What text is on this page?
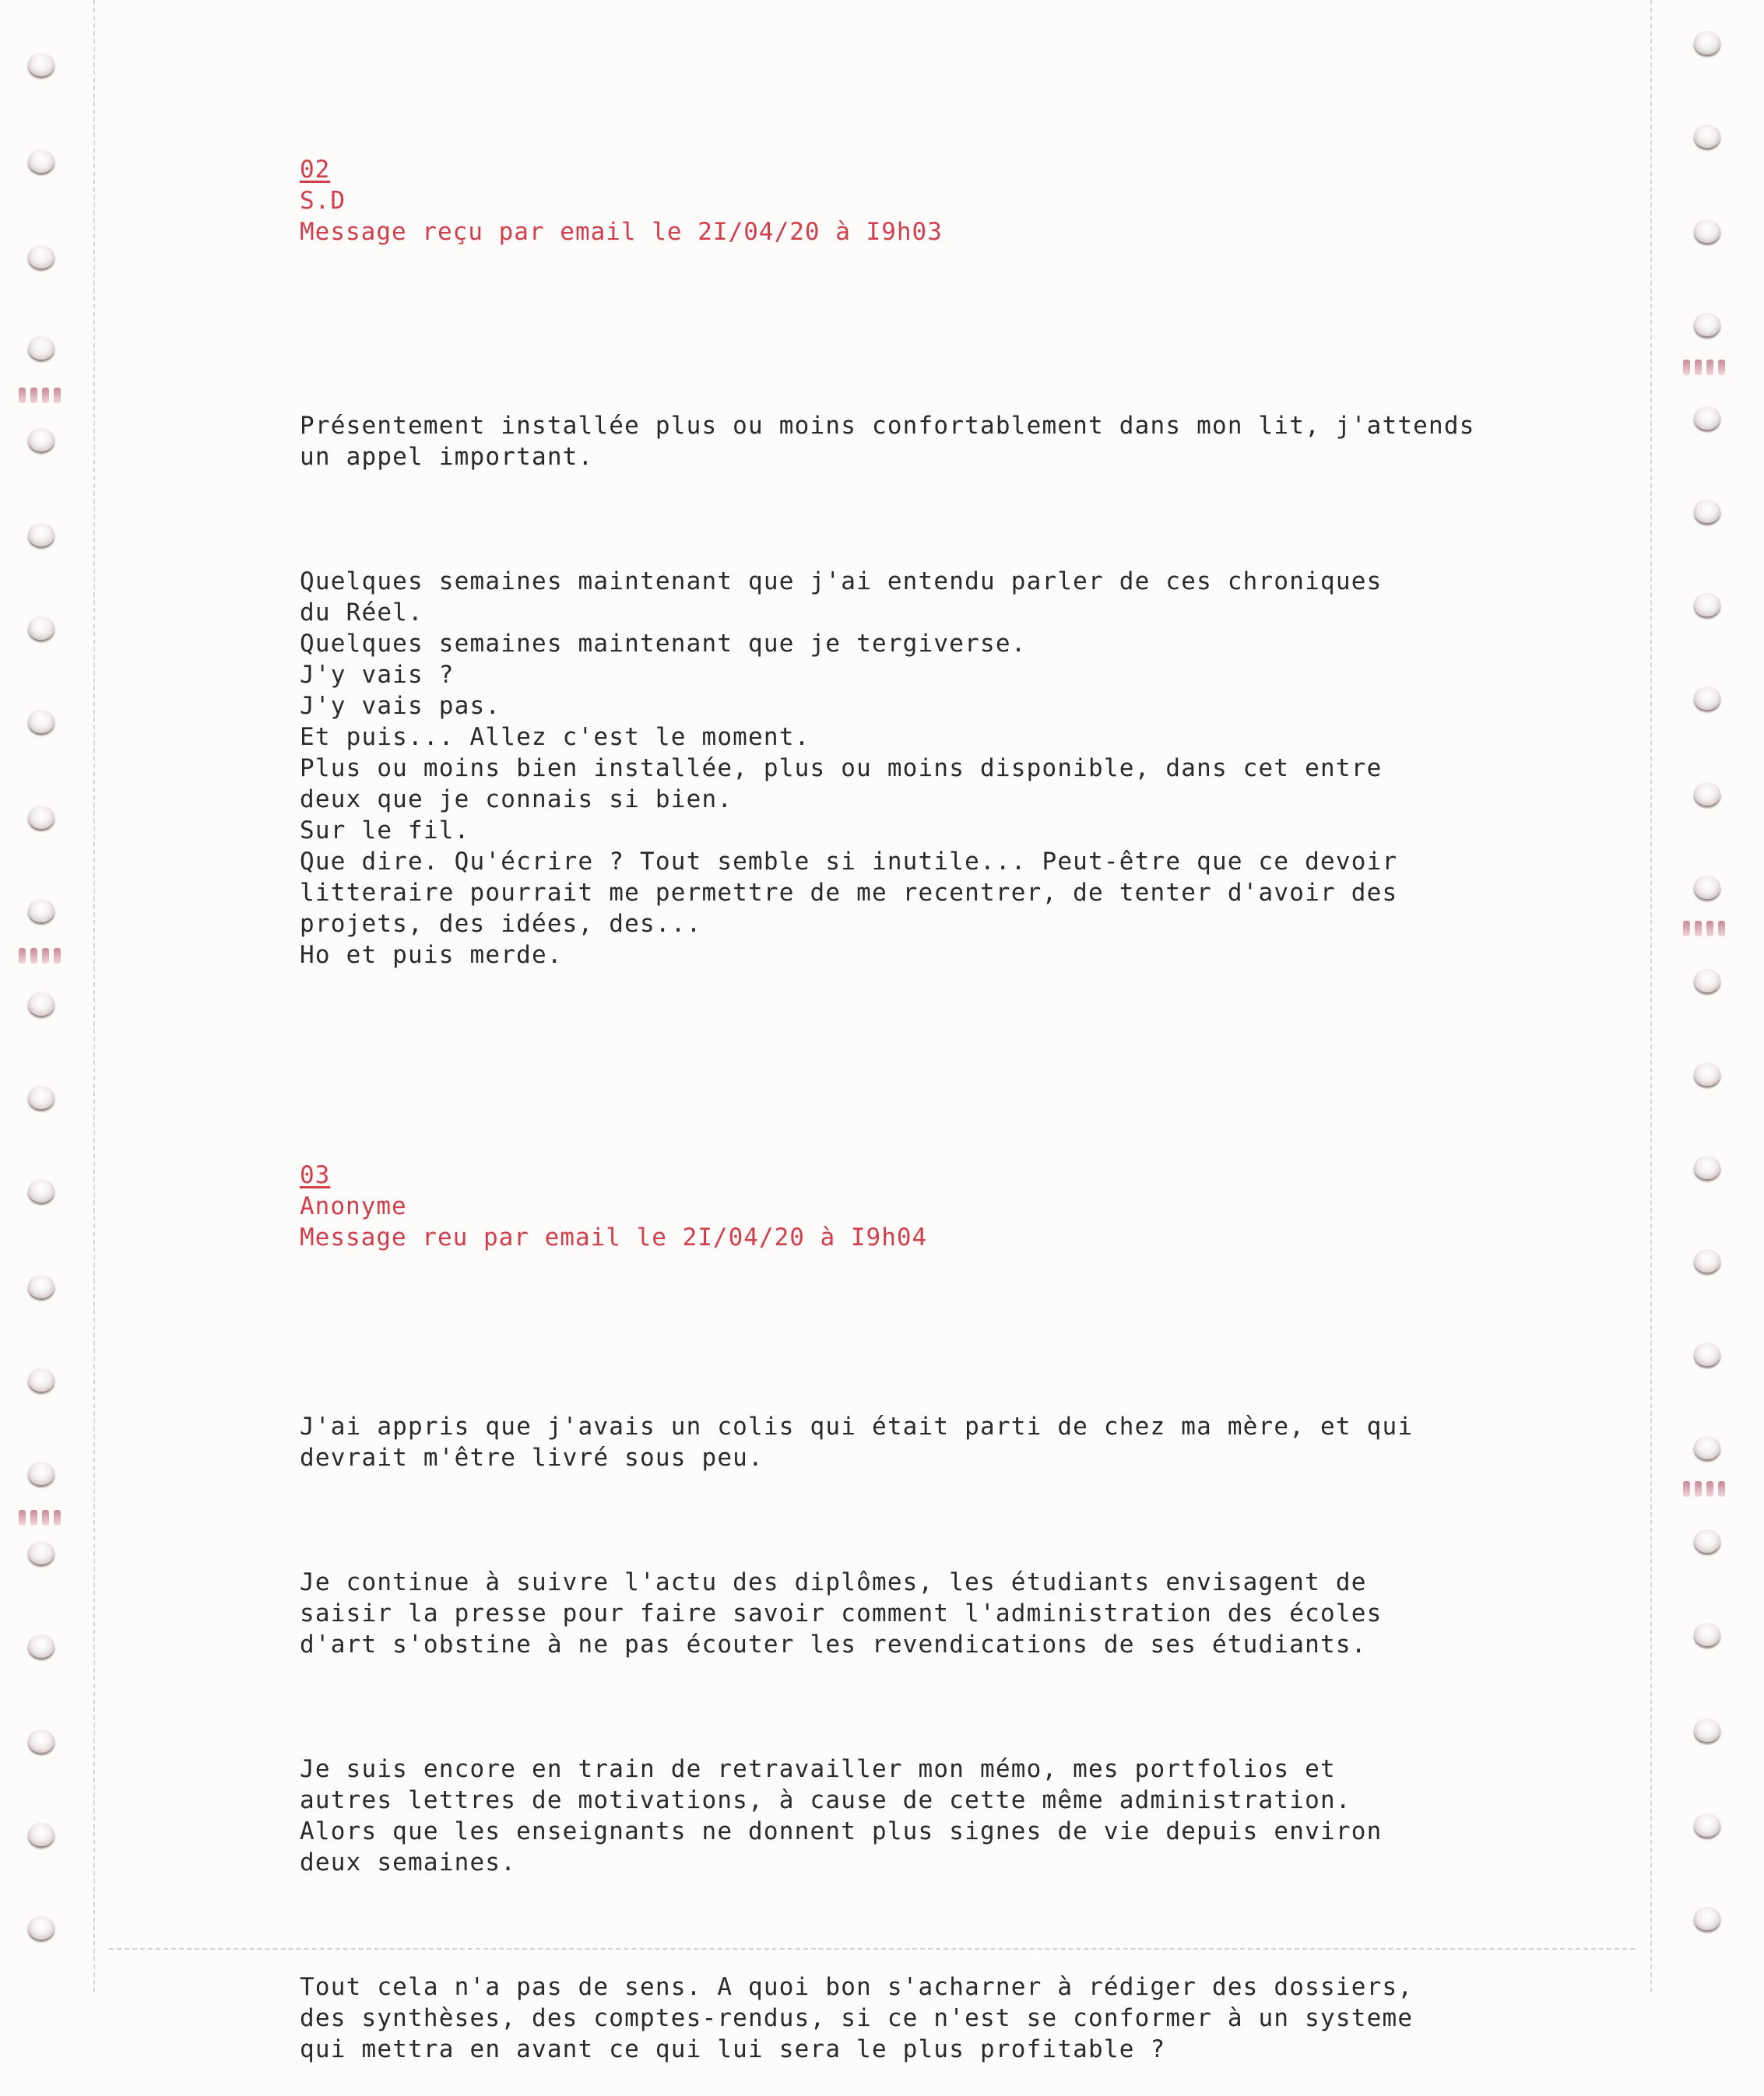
02
S.D
Message reçu par email le 2I/04/20 à I9h03

Présentement installée plus ou moins confortablement dans mon lit, j'attends
un appel important.

Quelques semaines maintenant que j'ai entendu parler de ces chroniques
du Réel.
Quelques semaines maintenant que je tergiverse.
J'y vais ?
J'y vais pas.
Et puis... Allez c'est le moment.
Plus ou moins bien installée, plus ou moins disponible, dans cet entre
deux que je connais si bien.
Sur le fil.
Que dire. Qu'écrire ? Tout semble si inutile... Peut-être que ce devoir
litteraire pourrait me permettre de me recentrer, de tenter d'avoir des
projets, des idées, des...
Ho et puis merde.

03
Anonyme
Message reu par email le 2I/04/20 à I9h04

J'ai appris que j'avais un colis qui était parti de chez ma mère, et qui
devrait m'être livré sous peu.

Je continue à suivre l'actu des diplômes, les étudiants envisagent de
saisir la presse pour faire savoir comment l'administration des écoles
d'art s'obstine à ne pas écouter les revendications de ses étudiants.

Je suis encore en train de retravailler mon mémo, mes portfolios et
autres lettres de motivations, à cause de cette même administration.
Alors que les enseignants ne donnent plus signes de vie depuis environ
deux semaines.

Tout cela n'a pas de sens. A quoi bon s'acharner à rédiger des dossiers,
des synthèses, des comptes-rendus, si ce n'est se conformer à un systeme
qui mettra en avant ce qui lui sera le plus profitable ?
